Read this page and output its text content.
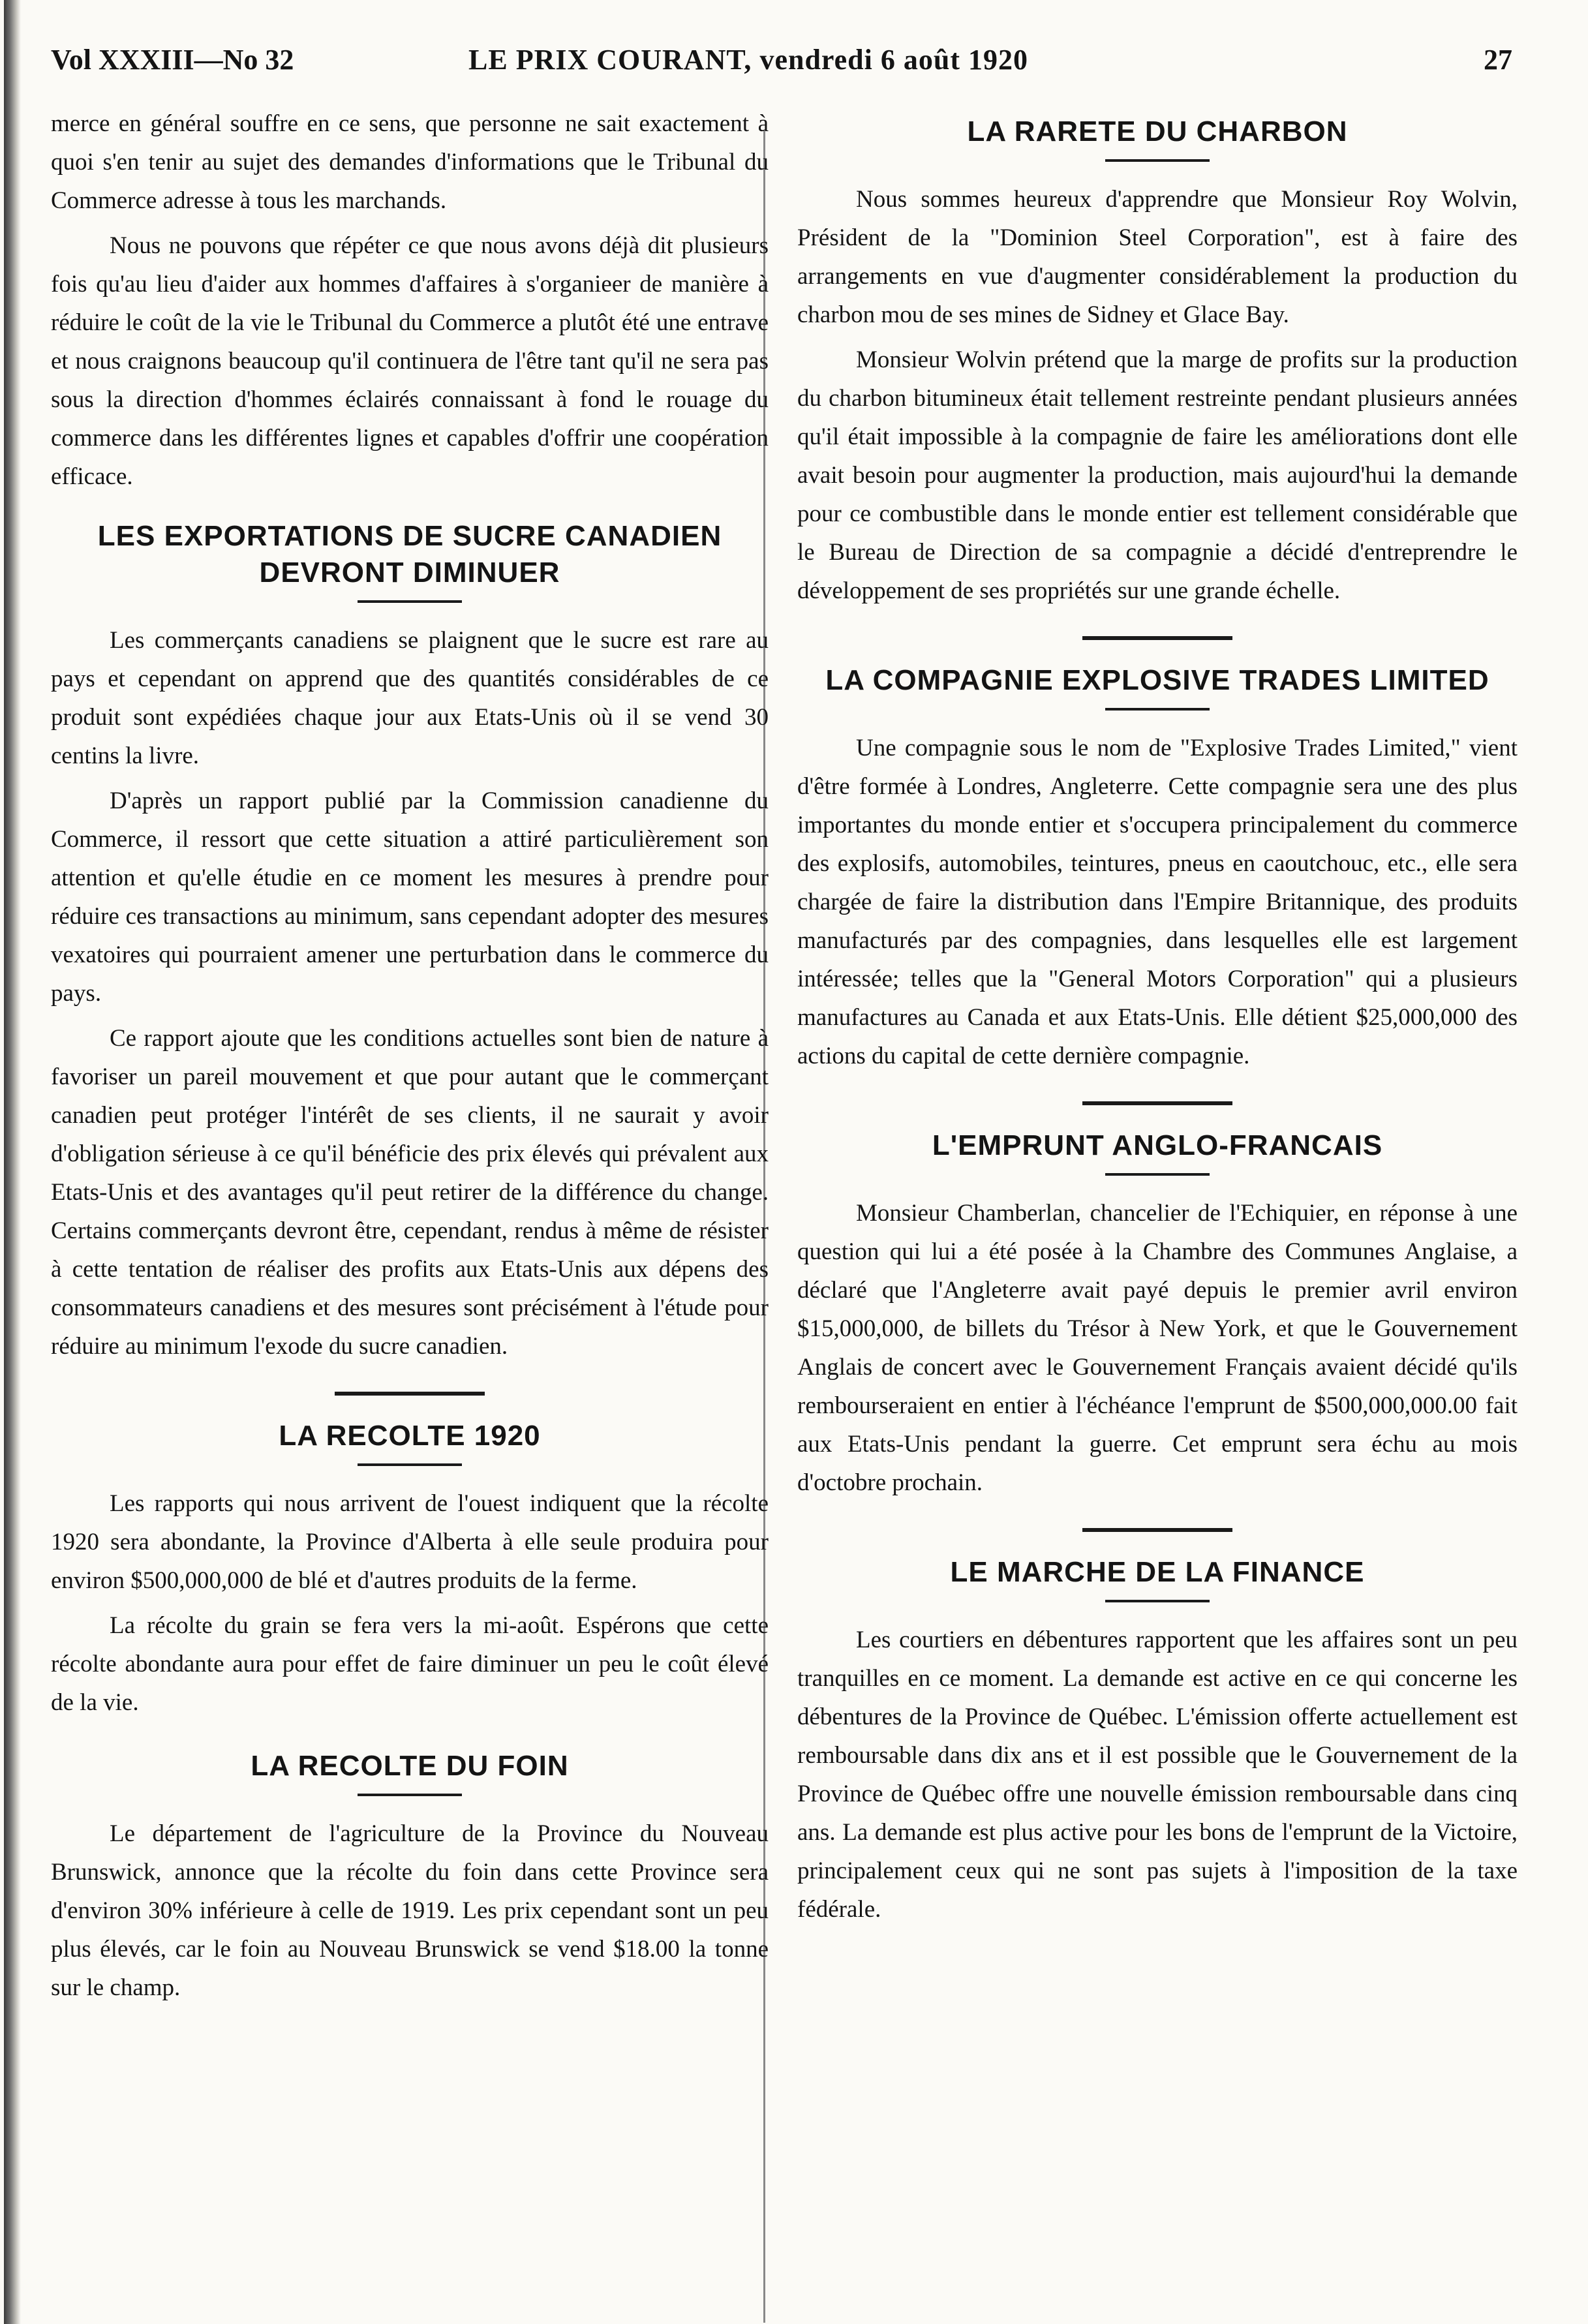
Vol XXXIII—No 32	LE PRIX COURANT, vendredi 6 août 1920	27

merce en général souffre en ce sens, que personne ne sait exactement à quoi s'en tenir au sujet des demandes d'informations que le Tribunal du Commerce adresse à tous les marchands.

Nous ne pouvons que répéter ce que nous avons déjà dit plusieurs fois qu'au lieu d'aider aux hommes d'affaires à s'organieer de manière à réduire le coût de la vie le Tribunal du Commerce a plutôt été une entrave et nous craignons beaucoup qu'il continuera de l'être tant qu'il ne sera pas sous la direction d'hommes éclairés connaissant à fond le rouage du commerce dans les différentes lignes et capables d'offrir une coopération efficace.

LES EXPORTATIONS DE SUCRE CANADIEN DEVRONT DIMINUER

Les commerçants canadiens se plaignent que le sucre est rare au pays et cependant on apprend que des quantités considérables de ce produit sont expédiées chaque jour aux Etats-Unis où il se vend 30 centins la livre.

D'après un rapport publié par la Commission canadienne du Commerce, il ressort que cette situation a attiré particulièrement son attention et qu'elle étudie en ce moment les mesures à prendre pour réduire ces transactions au minimum, sans cependant adopter des mesures vexatoires qui pourraient amener une perturbation dans le commerce du pays.

Ce rapport ajoute que les conditions actuelles sont bien de nature à favoriser un pareil mouvement et que pour autant que le commerçant canadien peut protéger l'intérêt de ses clients, il ne saurait y avoir d'obligation sérieuse à ce qu'il bénéficie des prix élevés qui prévalent aux Etats-Unis et des avantages qu'il peut retirer de la différence du change. Certains commerçants devront être, cependant, rendus à même de résister à cette tentation de réaliser des profits aux Etats-Unis aux dépens des consommateurs canadiens et des mesures sont précisément à l'étude pour réduire au minimum l'exode du sucre canadien.

LA RECOLTE 1920

Les rapports qui nous arrivent de l'ouest indiquent que la récolte 1920 sera abondante, la Province d'Alberta à elle seule produira pour environ $500,000,000 de blé et d'autres produits de la ferme.

La récolte du grain se fera vers la mi-août. Espérons que cette récolte abondante aura pour effet de faire diminuer un peu le coût élevé de la vie.

LA RECOLTE DU FOIN

Le département de l'agriculture de la Province du Nouveau Brunswick, annonce que la récolte du foin dans cette Province sera d'environ 30% inférieure à celle de 1919. Les prix cependant sont un peu plus élevés, car le foin au Nouveau Brunswick se vend $18.00 la tonne sur le champ.

LA RARETE DU CHARBON

Nous sommes heureux d'apprendre que Monsieur Roy Wolvin, Président de la "Dominion Steel Corporation", est à faire des arrangements en vue d'augmenter considérablement la production du charbon mou de ses mines de Sidney et Glace Bay.

Monsieur Wolvin prétend que la marge de profits sur la production du charbon bitumineux était tellement restreinte pendant plusieurs années qu'il était impossible à la compagnie de faire les améliorations dont elle avait besoin pour augmenter la production, mais aujourd'hui la demande pour ce combustible dans le monde entier est tellement considérable que le Bureau de Direction de sa compagnie a décidé d'entreprendre le développement de ses propriétés sur une grande échelle.

LA COMPAGNIE EXPLOSIVE TRADES LIMITED

Une compagnie sous le nom de "Explosive Trades Limited," vient d'être formée à Londres, Angleterre. Cette compagnie sera une des plus importantes du monde entier et s'occupera principalement du commerce des explosifs, automobiles, teintures, pneus en caoutchouc, etc., elle sera chargée de faire la distribution dans l'Empire Britannique, des produits manufacturés par des compagnies, dans lesquelles elle est largement intéressée; telles que la "General Motors Corporation" qui a plusieurs manufactures au Canada et aux Etats-Unis. Elle détient $25,000,000 des actions du capital de cette dernière compagnie.

L'EMPRUNT ANGLO-FRANCAIS

Monsieur Chamberlan, chancelier de l'Echiquier, en réponse à une question qui lui a été posée à la Chambre des Communes Anglaise, a déclaré que l'Angleterre avait payé depuis le premier avril environ $15,000,000, de billets du Trésor à New York, et que le Gouvernement Anglais de concert avec le Gouvernement Français avaient décidé qu'ils rembourseraient en entier à l'échéance l'emprunt de $500,000,000.00 fait aux Etats-Unis pendant la guerre. Cet emprunt sera échu au mois d'octobre prochain.

LE MARCHE DE LA FINANCE

Les courtiers en débentures rapportent que les affaires sont un peu tranquilles en ce moment. La demande est active en ce qui concerne les débentures de la Province de Québec. L'émission offerte actuellement est remboursable dans dix ans et il est possible que le Gouvernement de la Province de Québec offre une nouvelle émission remboursable dans cinq ans. La demande est plus active pour les bons de l'emprunt de la Victoire, principalement ceux qui ne sont pas sujets à l'imposition de la taxe fédérale.
